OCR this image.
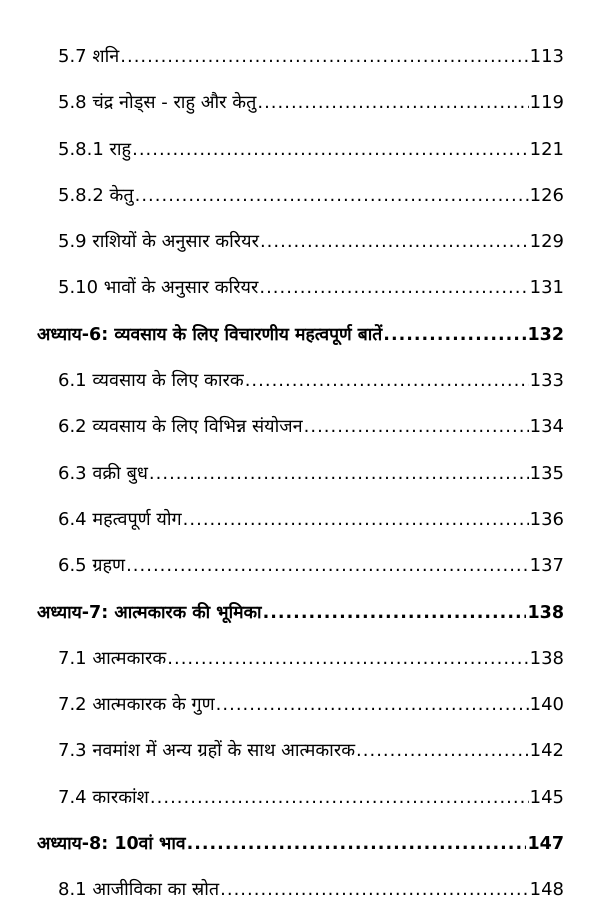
5.7 शनि .....	113
5.8 चंद्र नोड्स - राहु और केतु .....	119
5.8.1 राहु .....	121
5.8.2 केतु .....	126
5.9 राशियों के अनुसार करियर .....	129
5.10 भावों के अनुसार करियर .....	131
अध्याय-6: व्यवसाय के लिए विचारणीय महत्वपूर्ण बातें .....	132
6.1 व्यवसाय के लिए कारक .....	133
6.2 व्यवसाय के लिए विभिन्न संयोजन .....	134
6.3 वक्री बुध .....	135
6.4 महत्वपूर्ण योग .....	136
6.5 ग्रहण .....	137
अध्याय-7: आत्मकारक की भूमिका .....	138
7.1 आत्मकारक .....	138
7.2 आत्मकारक के गुण .....	140
7.3 नवमांश में अन्य ग्रहों के साथ आत्मकारक .....	142
7.4 कारकांश .....	145
अध्याय-8: 10वां भाव .....	147
8.1 आजीविका का स्रोत .....	148
